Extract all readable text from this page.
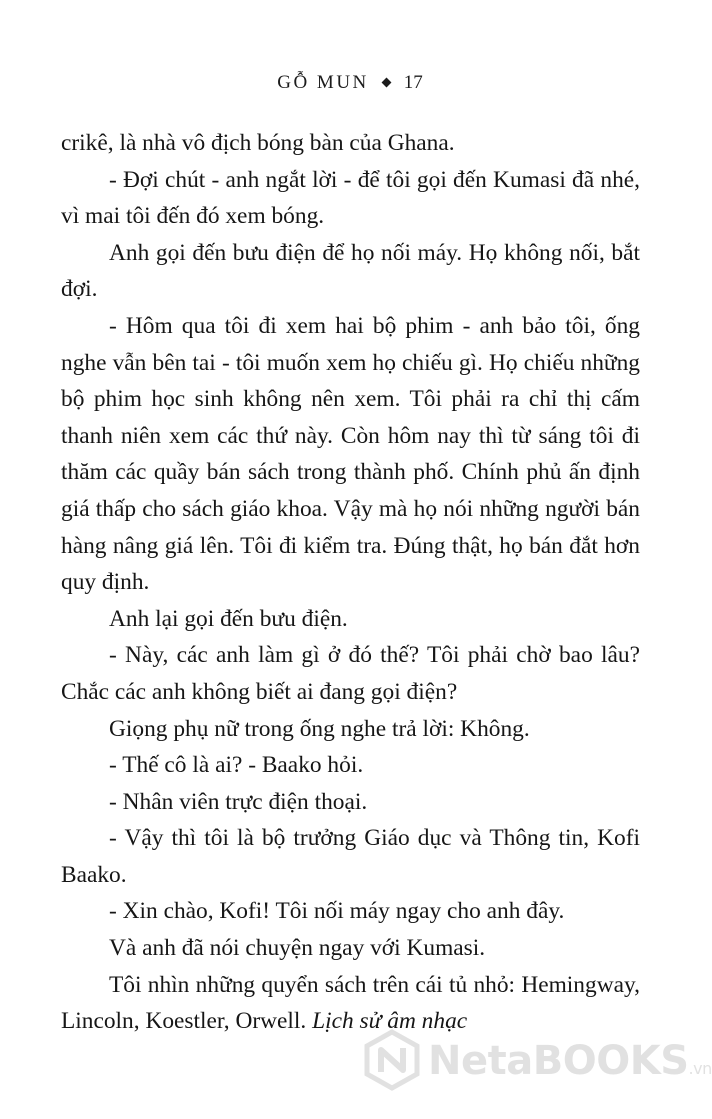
GỖ MUN 17

crikê, là nhà vô địch bóng bàn của Ghana.

- Đợi chút - anh ngắt lời - để tôi gọi đến Kumasi đã nhé, vì mai tôi đến đó xem bóng.

Anh gọi đến bưu điện để họ nối máy. Họ không nối, bắt đợi.

- Hôm qua tôi đi xem hai bộ phim - anh bảo tôi, ống nghe vẫn bên tai - tôi muốn xem họ chiếu gì. Họ chiếu những bộ phim học sinh không nên xem. Tôi phải ra chỉ thị cấm thanh niên xem các thứ này. Còn hôm nay thì từ sáng tôi đi thăm các quầy bán sách trong thành phố. Chính phủ ấn định giá thấp cho sách giáo khoa. Vậy mà họ nói những người bán hàng nâng giá lên. Tôi đi kiểm tra. Đúng thật, họ bán đắt hơn quy định.

Anh lại gọi đến bưu điện.

- Này, các anh làm gì ở đó thế? Tôi phải chờ bao lâu? Chắc các anh không biết ai đang gọi điện?

Giọng phụ nữ trong ống nghe trả lời: Không.

- Thế cô là ai? - Baako hỏi.

- Nhân viên trực điện thoại.

- Vậy thì tôi là bộ trưởng Giáo dục và Thông tin, Kofi Baako.

- Xin chào, Kofi! Tôi nối máy ngay cho anh đây.

Và anh đã nói chuyện ngay với Kumasi.

Tôi nhìn những quyển sách trên cái tủ nhỏ: Hemingway, Lincoln, Koestler, Orwell. Lịch sử âm nhạc

NetaBOOKS.vn
